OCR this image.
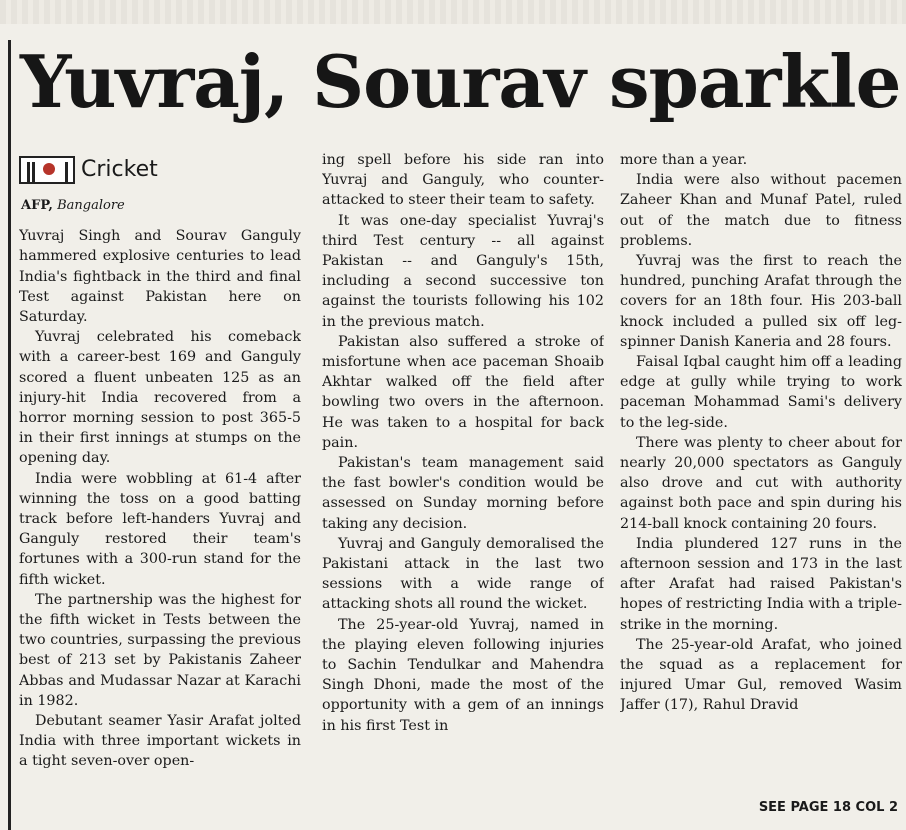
Yuvraj, Sourav sparkle
Cricket
AFP, Bangalore

Yuvraj Singh and Sourav Ganguly hammered explosive centuries to lead India's fightback in the third and final Test against Pakistan here on Saturday.

Yuvraj celebrated his comeback with a career-best 169 and Ganguly scored a fluent unbeaten 125 as an injury-hit India recovered from a horror morning session to post 365-5 in their first innings at stumps on the opening day.

India were wobbling at 61-4 after winning the toss on a good batting track before left-handers Yuvraj and Ganguly restored their team's fortunes with a 300-run stand for the fifth wicket.

The partnership was the highest for the fifth wicket in Tests between the two countries, surpassing the previous best of 213 set by Pakistanis Zaheer Abbas and Mudassar Nazar at Karachi in 1982.

Debutant seamer Yasir Arafat jolted India with three important wickets in a tight seven-over open-

ing spell before his side ran into Yuvraj and Ganguly, who counter-attacked to steer their team to safety.

It was one-day specialist Yuvraj's third Test century -- all against Pakistan -- and Ganguly's 15th, including a second successive ton against the tourists following his 102 in the previous match.

Pakistan also suffered a stroke of misfortune when ace paceman Shoaib Akhtar walked off the field after bowling two overs in the afternoon. He was taken to a hospital for back pain.

Pakistan's team management said the fast bowler's condition would be assessed on Sunday morning before taking any decision.

Yuvraj and Ganguly demoralised the Pakistani attack in the last two sessions with a wide range of attacking shots all round the wicket.

The 25-year-old Yuvraj, named in the playing eleven following injuries to Sachin Tendulkar and Mahendra Singh Dhoni, made the most of the opportunity with a gem of an innings in his first Test in

more than a year.

India were also without pacemen Zaheer Khan and Munaf Patel, ruled out of the match due to fitness problems.

Yuvraj was the first to reach the hundred, punching Arafat through the covers for an 18th four. His 203-ball knock included a pulled six off leg-spinner Danish Kaneria and 28 fours.

Faisal Iqbal caught him off a leading edge at gully while trying to work paceman Mohammad Sami's delivery to the leg-side.

There was plenty to cheer about for nearly 20,000 spectators as Ganguly also drove and cut with authority against both pace and spin during his 214-ball knock containing 20 fours.

India plundered 127 runs in the afternoon session and 173 in the last after Arafat had raised Pakistan's hopes of restricting India with a triple-strike in the morning.

The 25-year-old Arafat, who joined the squad as a replacement for injured Umar Gul, removed Wasim Jaffer (17), Rahul Dravid

SEE PAGE 18 COL 2
